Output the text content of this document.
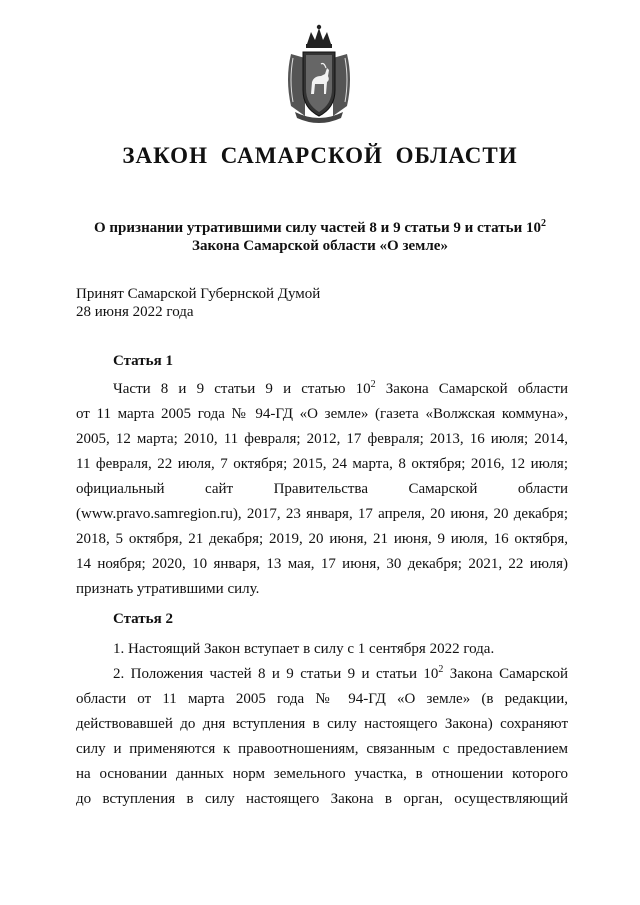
ЗАКОН САМАРСКОЙ ОБЛАСТИ
О признании утратившими силу частей 8 и 9 статьи 9 и статьи $10^2$
Закона Самарской области «О земле»
Принят Самарской Губернской Думой
28 июня 2022 года
Статья 1
Части 8 и 9 статьи 9 и статью $10^2$ Закона Самарской области
от 11 марта 2005 года № 94-ГД «О земле» (газета «Волжская коммуна»,
2005, 12 марта; 2010, 11 февраля; 2012, 17 февраля; 2013, 16 июля; 2014,
11 февраля, 22 июля, 7 октября; 2015, 24 марта, 8 октября; 2016, 12 июля;
официальный сайт Правительства Самарской области
(www.pravo.samregion.ru), 2017, 23 января, 17 апреля, 20 июня, 20 декабря;
2018, 5 октября, 21 декабря; 2019, 20 июня, 21 июня, 9 июля, 16 октября,
14 ноября; 2020, 10 января, 13 мая, 17 июня, 30 декабря; 2021, 22 июля)
признать утратившими силу.
Статья 2
1. Настоящий Закон вступает в силу с 1 сентября 2022 года.
2. Положения частей 8 и 9 статьи 9 и статьи $10^2$ Закона Самарской
области от 11 марта 2005 года № 94-ГД «О земле» (в редакции,
действовавшей до дня вступления в силу настоящего Закона) сохраняют
силу и применяются к правоотношениям, связанным с предоставлением
на основании данных норм земельного участка, в отношении которого
до вступления в силу настоящего Закона в орган, осуществляющий
